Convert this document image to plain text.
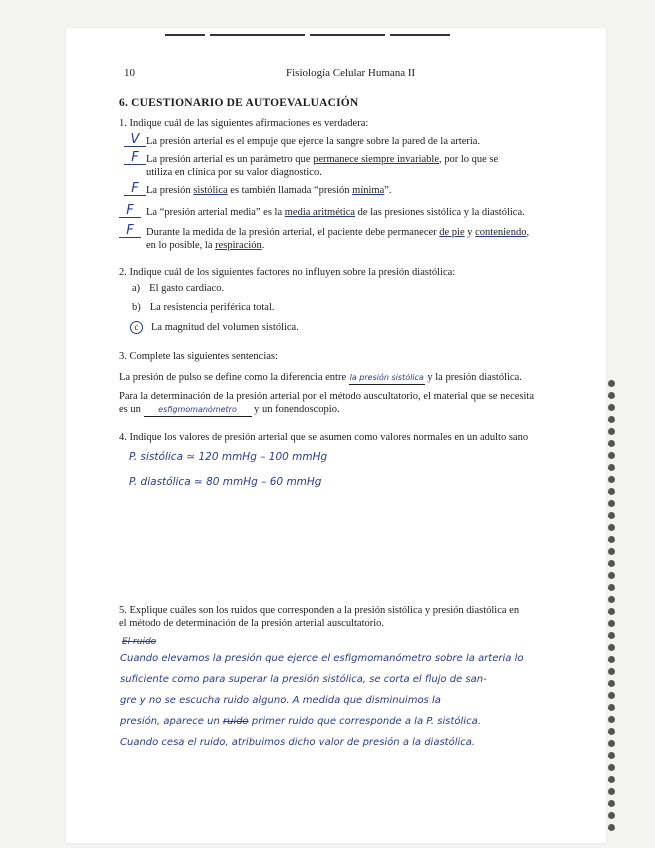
10	Fisiología Celular Humana II
6. CUESTIONARIO DE AUTOEVALUACIÓN
1. Indique cuál de las siguientes afirmaciones es verdadera:
V La presión arterial es el empuje que ejerce la sangre sobre la pared de la arteria.
F La presión arterial es un parámetro que permanece siempre invariable, por lo que se utiliza en clínica por su valor diagnostico.
F La presión sistólica es también llamada “presión mínima”.
F	La “presión arterial media” es la media aritmética de las presiones sistólica y la diastólica.
F	Durante la medida de la presión arterial, el paciente debe permanecer de pie y conteniendo, en lo posible, la respiración.
2. Indique cuál de los siguientes factores no influyen sobre la presión diastólica:
a) El gasto cardiaco.
b) La resistencia periférica total.
c La magnitud del volumen sistólica.
3. Complete las siguientes sentencias:
La presión de pulso se define como la diferencia entre la presión sistólica y la presión diastólica.
Para la determinación de la presión arterial por el método auscultatorio, el material que se necesita es un esfigmomanómetro y un fonendoscopio.
4. Indique los valores de presión arterial que se asumen como valores normales en un adulto sano
P. sistólica ≃ 120 mmHg – 100 mmHg
P. diastólica ≃ 80 mmHg – 60 mmHg
5. Explique cuáles son los ruidos que corresponden a la presión sistólica y presión diastólica en el método de determinación de la presión arterial auscultatorio.
El ruido
Cuando elevamos la presión que ejerce el esfigmomanómetro sobre la arteria lo
suficiente como para superar la presión sistólica, se corta el flujo de san-
gre y no se escucha ruido alguno. A medida que disminuimos la
presión, aparece un ruido primer ruido que corresponde a la P. sistólica.
Cuando cesa el ruido, atribuimos dicho valor de presión a la diastólica.
